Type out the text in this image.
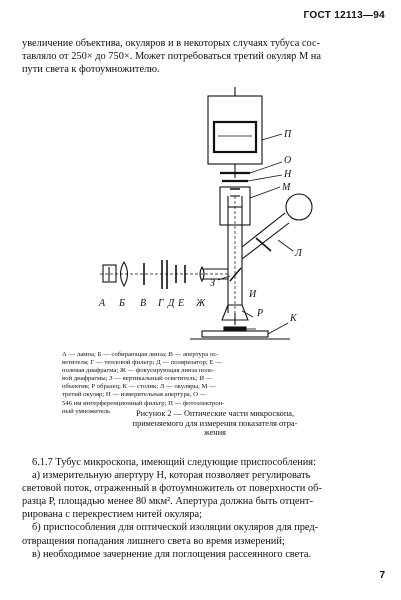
ГОСТ 12113—94
увеличение объектива, окуляров и в некоторых случаях тубуса сос-
тавляло от 250× до 750×. Может потребоваться третий окуляр М на
пути света к фотоумножителю.
П
О
Н
М
Л
З
И
Р	К
А Б В Г Д Е Ж
А — лампа; Б — собирающая линза; В — апертура ос-
ветителя; Г — тепловой фильтр; Д — поляризатор; Е —
полевая диафрагма; Ж — фокусирующая линза поле-
вой диафрагмы; З — вертикальный осветитель; И —
объектив; Р образец; К — столик; Л — окуляры, М —
третий окуляр; Н — измерительная апертура, О —
546 нм интерференционный фильтр; П — фотоэлектрон-
ный умножитель	Рисунок 2 — Оптические части микроскопа,
применяемого для измерения показателя отра-
жения
6.1.7 Тубус микроскопа, имеющий следующие приспособления:
а) измерительную апертуру Н, которая позволяет регулировать
световой поток, отраженный в фотоумножитель от поверхности об-
разца Р, площадью менее 80 мкм². Апертура должна быть отцент-
рирована с перекрестием нитей окуляра;
б) приспособления для оптической изоляции окуляров для пред-
отвращения попадания лишнего света во время измерений;
в) необходимое зачернение для поглощения рассеянного света.
7
